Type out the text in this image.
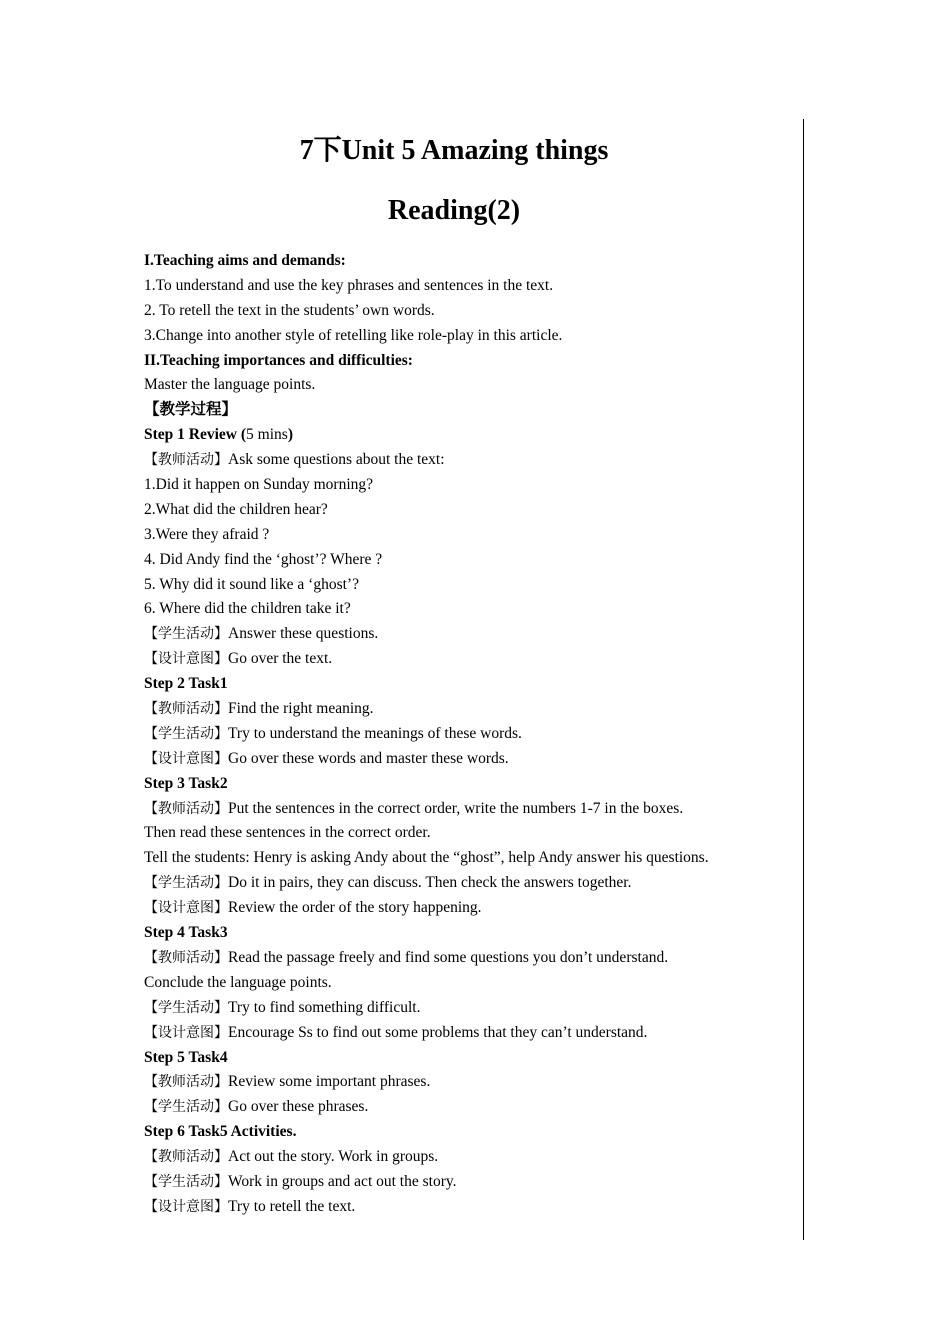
7下Unit 5 Amazing things
Reading(2)
I.Teaching aims and demands:
1.To understand and use the key phrases and sentences in the text.
2. To retell the text in the students’ own words.
3.Change into another style of retelling like role-play in this article.
II.Teaching importances and difficulties:
Master the language points.
【教学过程】
Step 1 Review (5 mins)
【教师活动】Ask some questions about the text:
1.Did it happen on Sunday morning?
2.What did the children hear?
3.Were they afraid ?
4. Did Andy find the ‘ghost’? Where ?
5. Why did it sound like a ‘ghost’?
6. Where did the children take it?
【学生活动】Answer these questions.
【设计意图】Go over the text.
Step 2 Task1
【教师活动】Find the right meaning.
【学生活动】Try to understand the meanings of these words.
【设计意图】Go over these words and master these words.
Step 3 Task2
【教师活动】Put the sentences in the correct order, write the numbers 1-7 in the boxes.
Then read these sentences in the correct order.
Tell the students: Henry is asking Andy about the “ghost”, help Andy answer his questions.
【学生活动】Do it in pairs, they can discuss. Then check the answers together.
【设计意图】Review the order of the story happening.
Step 4 Task3
【教师活动】Read the passage freely and find some questions you don’t understand.
Conclude the language points.
【学生活动】Try to find something difficult.
【设计意图】Encourage Ss to find out some problems that they can’t understand.
Step 5 Task4
【教师活动】Review some important phrases.
【学生活动】Go over these phrases.
Step 6 Task5 Activities.
【教师活动】Act out the story. Work in groups.
【学生活动】Work in groups and act out the story.
【设计意图】Try to retell the text.
